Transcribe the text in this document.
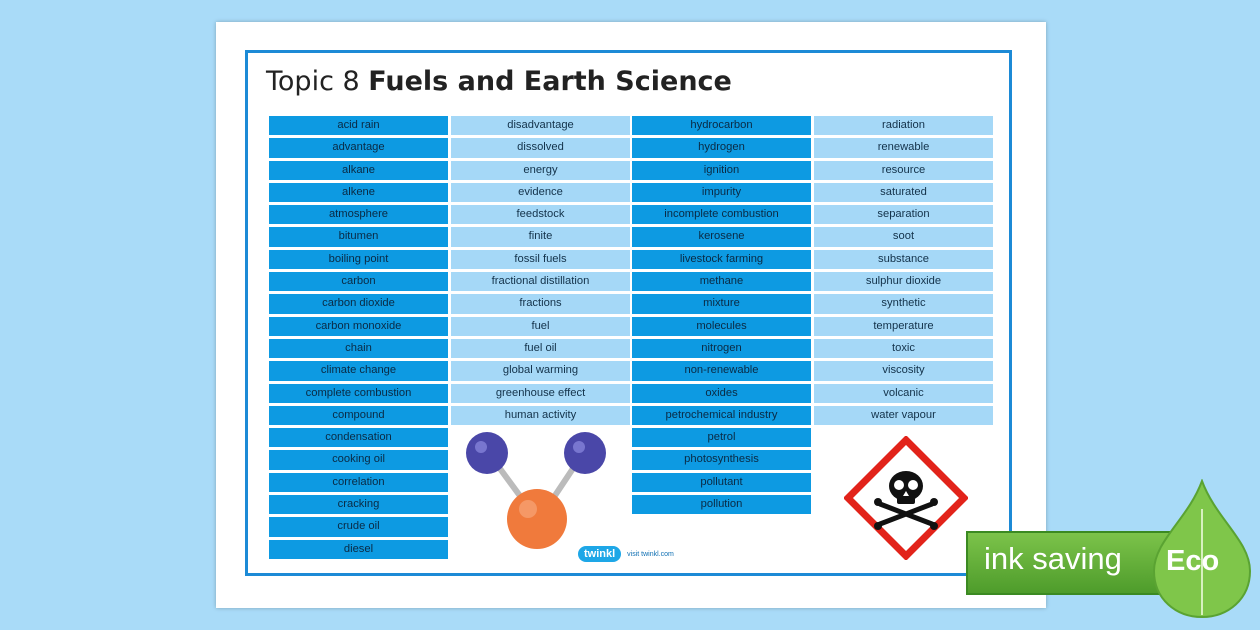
Topic 8 Fuels and Earth Science
acid rain
advantage
alkane
alkene
atmosphere
bitumen
boiling point
carbon
carbon dioxide
carbon monoxide
chain
climate change
complete combustion
compound
condensation
cooking oil
correlation
cracking
crude oil
diesel
disadvantage
dissolved
energy
evidence
feedstock
finite
fossil fuels
fractional distillation
fractions
fuel
fuel oil
global warming
greenhouse effect
human activity
hydrocarbon
hydrogen
ignition
impurity
incomplete combustion
kerosene
livestock farming
methane
mixture
molecules
nitrogen
non-renewable
oxides
petrochemical industry
petrol
photosynthesis
pollutant
pollution
radiation
renewable
resource
saturated
separation
soot
substance
sulphur dioxide
synthetic
temperature
toxic
viscosity
volcanic
water vapour
twinkl	visit twinkl.com	ink saving Eco
